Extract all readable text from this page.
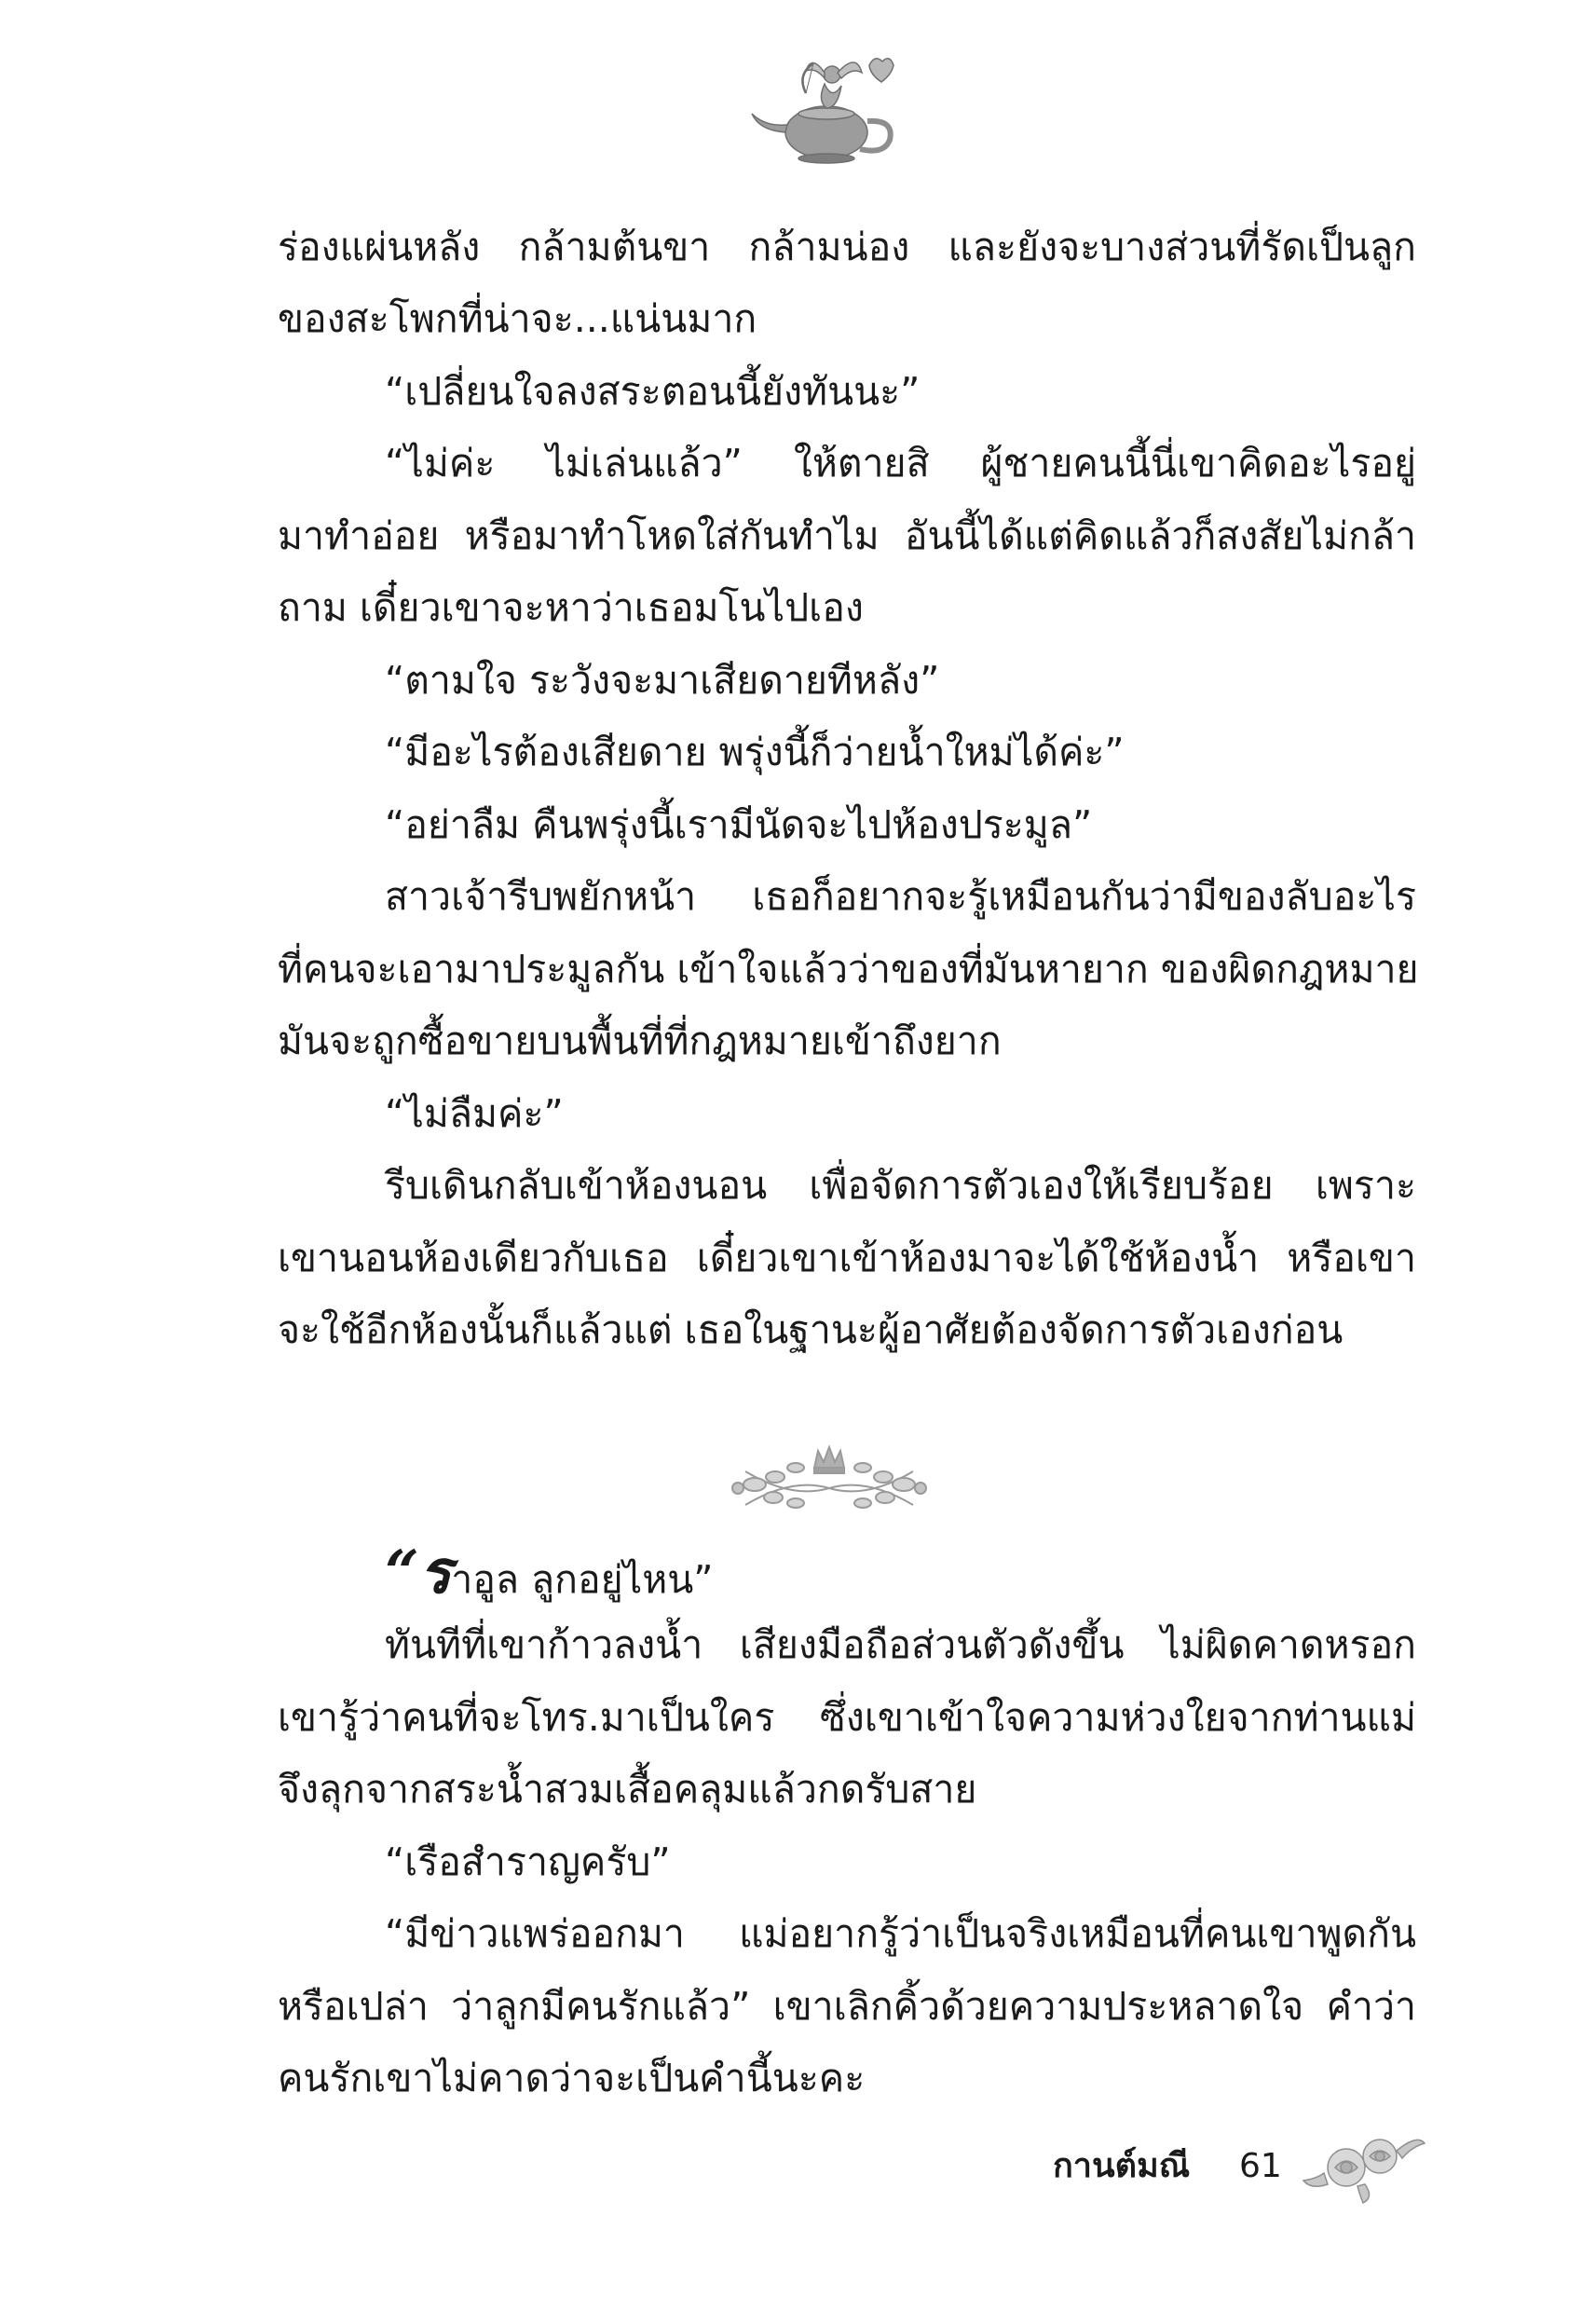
ร่องแผ่นหลัง กล้ามต้นขา กล้ามน่อง และยังจะบางส่วนที่รัดเป็นลูก
ของสะโพกที่น่าจะ...แน่นมาก
“เปลี่ยนใจลงสระตอนนี้ยังทันนะ”
“ไม่ค่ะ ไม่เล่นแล้ว” ให้ตายสิ ผู้ชายคนนี้นี่เขาคิดอะไรอยู่
มาทำอ่อย หรือมาทำโหดใส่กันทำไม อันนี้ได้แต่คิดแล้วก็สงสัยไม่กล้า
ถาม เดี๋ยวเขาจะหาว่าเธอมโนไปเอง
“ตามใจ ระวังจะมาเสียดายทีหลัง”
“มีอะไรต้องเสียดาย พรุ่งนี้ก็ว่ายน้ำใหม่ได้ค่ะ”
“อย่าลืม คืนพรุ่งนี้เรามีนัดจะไปห้องประมูล”
สาวเจ้ารีบพยักหน้า เธอก็อยากจะรู้เหมือนกันว่ามีของลับอะไร
ที่คนจะเอามาประมูลกัน เข้าใจแล้วว่าของที่มันหายาก ของผิดกฎหมาย
มันจะถูกซื้อขายบนพื้นที่ที่กฎหมายเข้าถึงยาก
“ไม่ลืมค่ะ”
รีบเดินกลับเข้าห้องนอน เพื่อจัดการตัวเองให้เรียบร้อย เพราะ
เขานอนห้องเดียวกับเธอ เดี๋ยวเขาเข้าห้องมาจะได้ใช้ห้องน้ำ หรือเขา
จะใช้อีกห้องนั้นก็แล้วแต่ เธอในฐานะผู้อาศัยต้องจัดการตัวเองก่อน
“ราอูล ลูกอยู่ไหน”
ทันทีที่เขาก้าวลงน้ำ เสียงมือถือส่วนตัวดังขึ้น ไม่ผิดคาดหรอก
เขารู้ว่าคนที่จะโทร.มาเป็นใคร ซึ่งเขาเข้าใจความห่วงใยจากท่านแม่
จึงลุกจากสระน้ำสวมเสื้อคลุมแล้วกดรับสาย
“เรือสำราญครับ”
“มีข่าวแพร่ออกมา แม่อยากรู้ว่าเป็นจริงเหมือนที่คนเขาพูดกัน
หรือเปล่า ว่าลูกมีคนรักแล้ว” เขาเลิกคิ้วด้วยความประหลาดใจ คำว่า
คนรักเขาไม่คาดว่าจะเป็นคำนี้นะคะ
กานต์มณี 61
